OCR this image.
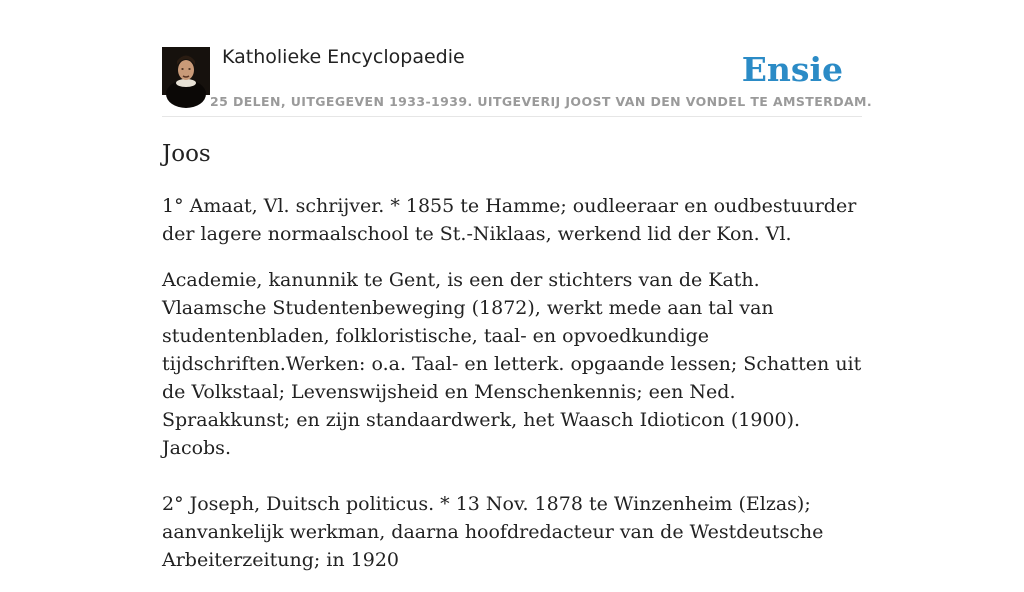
Katholieke Encyclopaedie
25 DELEN, UITGEGEVEN 1933-1939. UITGEVERIJ JOOST VAN DEN VONDEL TE AMSTERDAM.
Ensie
Joos

1° Amaat, Vl. schrijver. * 1855 te Hamme; oudleeraar en oudbestuurder der lagere normaalschool te St.-Niklaas, werkend lid der Kon. Vl.

Academie, kanunnik te Gent, is een der stichters van de Kath. Vlaamsche Studentenbeweging (1872), werkt mede aan tal van studentenbladen, folkloristische, taal- en opvoedkundige tijdschriften.Werken: o.a. Taal- en letterk. opgaande lessen; Schatten uit de Volkstaal; Levenswijsheid en Menschenkennis; een Ned. Spraakkunst; en zijn standaardwerk, het Waasch Idioticon (1900). Jacobs.

2° Joseph, Duitsch politicus. * 13 Nov. 1878 te Winzenheim (Elzas); aanvankelijk werkman, daarna hoofdredacteur van de Westdeutsche Arbeiterzeitung; in 1920
